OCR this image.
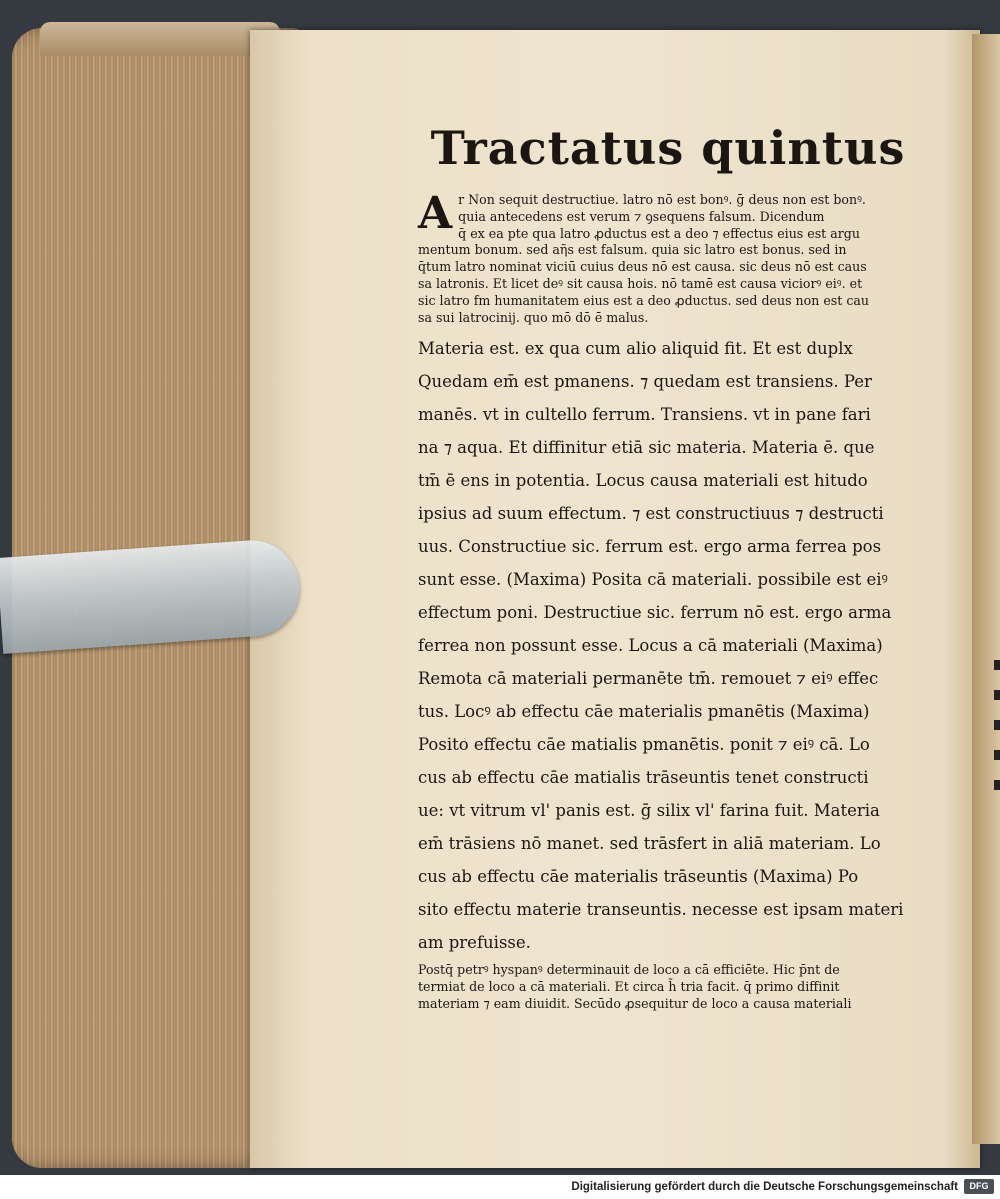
Tractatus quintus
A r Non sequit destructiue. latro nō est bonꝰ. ḡ deus non est bonꝰ.
quia antecedens est verum ⁊ ꝯsequens falsum. Dicendum
q̄ ex ea pte qua latro ꝓductus est a deo ⁊ effectus eius est argu
mentum bonum. sed aῆs est falsum. quia sic latro est bonus. sed in
q̄tum latro nominat viciū cuius deus nō est causa. sic deus nō est caus
sa latronis. Et licet deꝰ sit causa hois. nō tamē est causa viciorꝰ eiꝰ. et
sic latro fm humanitatem eius est a deo ꝓductus. sed deus non est cau
sa sui latrocinij. quo mō dō ē malus.
Materia est. ex qua cum alio aliquid fit. Et est duplx
Quedam em̄ est pmanens. ⁊ quedam est transiens. Per
manēs. vt in cultello ferrum. Transiens. vt in pane fari
na ⁊ aqua. Et diffinitur etiā sic materia. Materia ē. que
tm̄ ē ens in potentia. Locus causa materiali est hitudo
ipsius ad suum effectum. ⁊ est constructiuus ⁊ destructi
uus. Constructiue sic. ferrum est. ergo arma ferrea pos
sunt esse. (Maxima) Posita cā materiali. possibile est eiꝰ
effectum poni. Destructiue sic. ferrum nō est. ergo arma
ferrea non possunt esse. Locus a cā materiali (Maxima)
Remota cā materiali permanēte tm̄. remouet ⁊ eiꝰ effec
tus. Locꝰ ab effectu cāe materialis pmanētis (Maxima)
Posito effectu cāe matialis pmanētis. ponit ⁊ eiꝰ cā. Lo
cus ab effectu cāe matialis trāseuntis tenet constructi
ue: vt vitrum vl' panis est. ḡ silix vl' farina fuit. Materia
em̄ trāsiens nō manet. sed trāsfert in aliā materiam. Lo
cus ab effectu cāe materialis trāseuntis (Maxima) Po
sito effectu materie transeuntis. necesse est ipsam materi
am prefuisse.
Postq̄ petrꝰ hyspanꝰ determinauit de loco a cā efficiēte. Hic p̄nt de
termiat de loco a cā materiali. Et circa h̄ tria facit. q̄ primo diffinit
materiam ⁊ eam diuidit. Secūdo ꝓsequitur de loco a causa materiali
Digitalisierung gefördert durch die Deutsche Forschungsgemeinschaft	DFG
